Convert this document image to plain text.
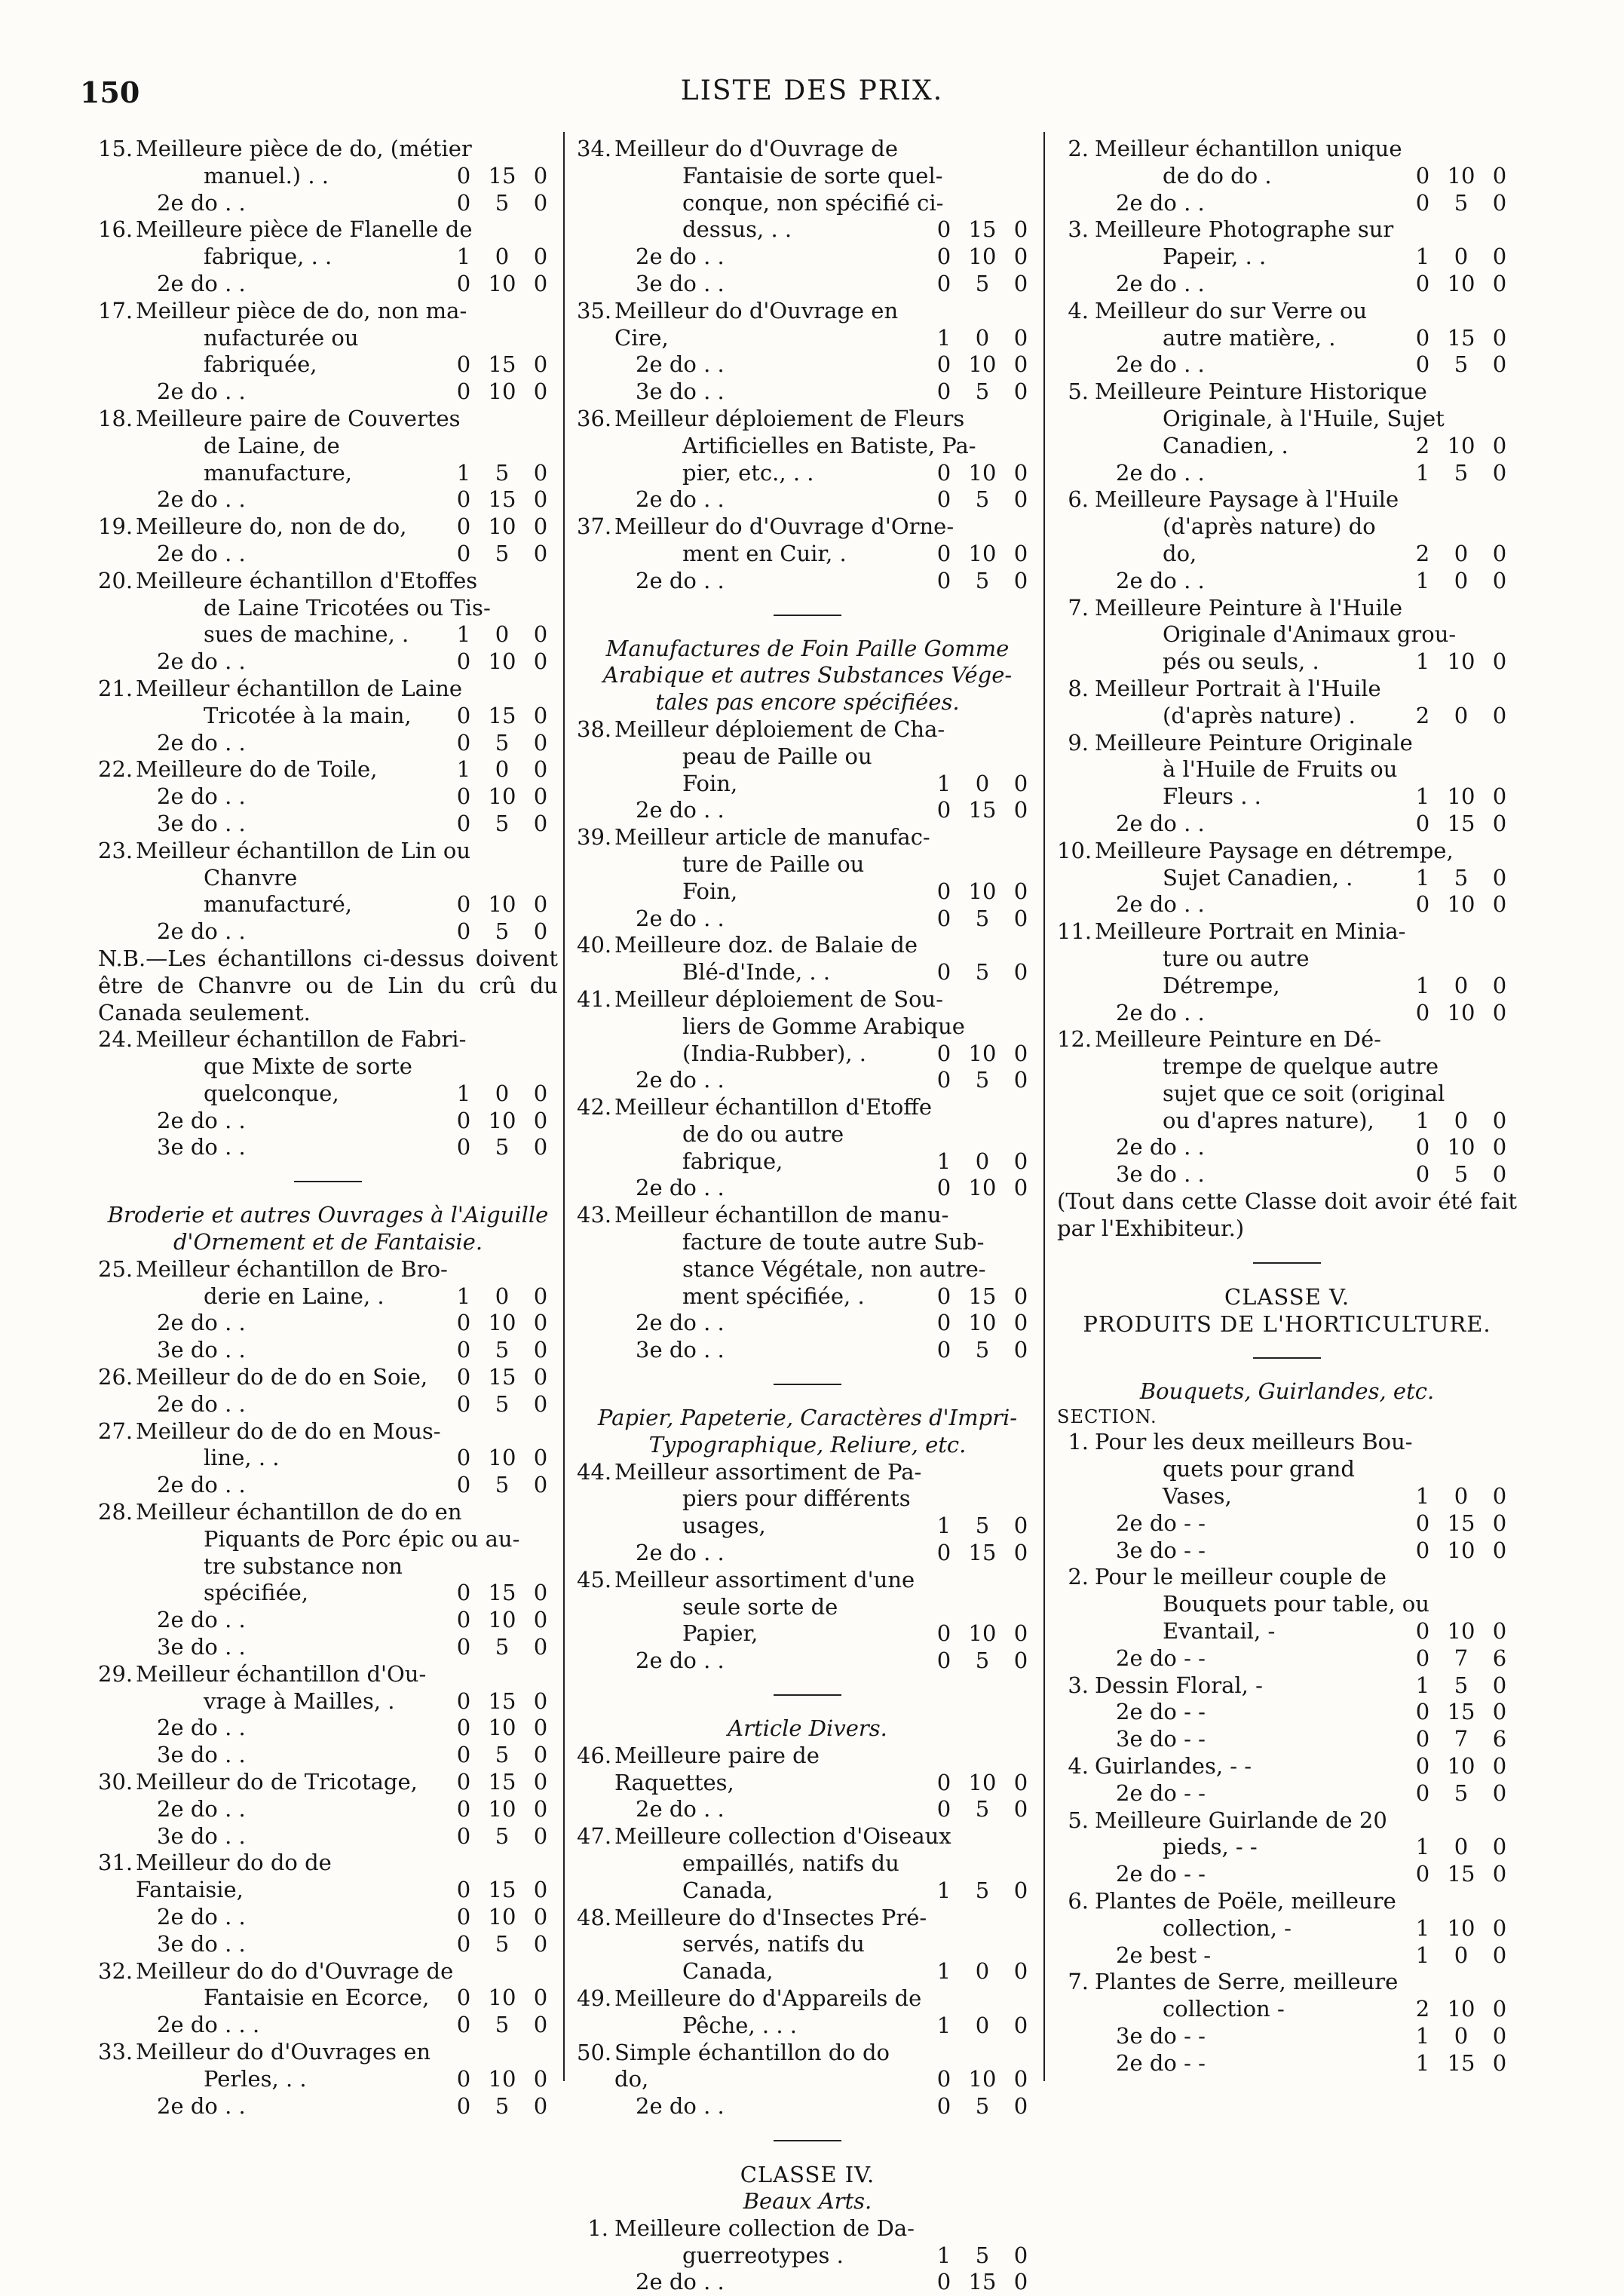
150	LISTE DES PRIX.
15. Meilleure pièce de do, (métier
manuel.) . .	0 15 0
2e do . .	0	5	0
16. Meilleure pièce de Flanelle de
fabrique, . .	1	0	0
2e do . .	0 10 0
17. Meilleur pièce de do, non ma-
nufacturée ou fabriquée,	0 15 0
2e do . .	0 10 0
18. Meilleure paire de Couvertes
de Laine, de manufacture,	1	5	0
2e do . .	0 15 0
19. Meilleure do, non de do,	0 10 0
2e do . .	0	5	0
20. Meilleure échantillon d'Etoffes
de Laine Tricotées ou Tis-
sues de machine, .	1	0	0
2e do . .	0 10 0
21. Meilleur échantillon de Laine
Tricotée à la main,	0 15 0
2e do . .	0	5	0
22. Meilleure do de Toile,	1	0	0
2e do . .	0 10 0
3e do . .	0	5	0
23. Meilleur échantillon de Lin ou
Chanvre manufacturé,	0 10 0
2e do . .	0	5	0
N.B.—Les échantillons ci-dessus doivent être de Chanvre ou de Lin du crû du Canada seulement.
24. Meilleur échantillon de Fabri-
que Mixte de sorte quelconque,	1	0	0
2e do . .	0 10 0
3e do . .	0	5	0
Broderie et autres Ouvrages à l'Aiguille
d'Ornement et de Fantaisie.
25. Meilleur échantillon de Bro-
derie en Laine, .	1	0	0
2e do . .	0 10 0
3e do . .	0	5	0
26. Meilleur do de do en Soie,	0 15 0
2e do . .	0	5	0
27. Meilleur do de do en Mous-
line, . .	0 10 0
2e do . .	0	5	0
28. Meilleur échantillon de do en
Piquants de Porc épic ou au-
tre substance non spécifiée,	0 15 0
2e do . .	0 10 0
3e do . .	0	5	0
29. Meilleur échantillon d'Ou-
vrage à Mailles, .	0 15 0
2e do . .	0 10 0
3e do . .	0	5	0
30. Meilleur do de Tricotage,	0 15 0
2e do . .	0 10 0
3e do . .	0	5	0
31. Meilleur do do de Fantaisie,	0 15 0
2e do . .	0 10 0
3e do . .	0	5	0
32. Meilleur do do d'Ouvrage de
Fantaisie en Ecorce,	0 10 0
2e do . . .	0	5	0
33. Meilleur do d'Ouvrages en
Perles, . .	0 10 0
2e do . .	0	5	0
34. Meilleur do d'Ouvrage de
Fantaisie de sorte quel-
conque, non spécifié ci-
dessus, . .	0 15 0
2e do . .	0 10 0
3e do . .	0	5	0
35. Meilleur do d'Ouvrage en Cire,	1	0	0
2e do . .	0 10 0
3e do . .	0	5	0
36. Meilleur déploiement de Fleurs
Artificielles en Batiste, Pa-
pier, etc., . .	0 10 0
2e do . .	0	5	0
37. Meilleur do d'Ouvrage d'Orne-
ment en Cuir, .	0 10 0
2e do . .	0	5	0
Manufactures de Foin Paille Gomme
Arabique et autres Substances Vége-
tales pas encore spécifiées.
38. Meilleur déploiement de Cha-
peau de Paille ou Foin,	1	0	0
2e do . .	0 15 0
39. Meilleur article de manufac-
ture de Paille ou Foin,	0 10 0
2e do . .	0	5	0
40. Meilleure doz. de Balaie de
Blé-d'Inde, . .	0	5	0
41. Meilleur déploiement de Sou-
liers de Gomme Arabique
(India-Rubber), .	0 10 0
2e do . .	0	5	0
42. Meilleur échantillon d'Etoffe
de do ou autre fabrique,	1	0	0
2e do . .	0 10 0
43. Meilleur échantillon de manu-
facture de toute autre Sub-
stance Végétale, non autre-
ment spécifiée, .	0 15 0
2e do . .	0 10 0
3e do . .	0	5	0
Papier, Papeterie, Caractères d'Impri-
Typographique, Reliure, etc.
44. Meilleur assortiment de Pa-
piers pour différents usages,	1	5	0
2e do . .	0 15 0
45. Meilleur assortiment d'une
seule sorte de Papier,	0 10 0
2e do . .	0	5	0
Article Divers.
46. Meilleure paire de Raquettes,	0 10 0
2e do . .	0	5	0
47. Meilleure collection d'Oiseaux
empaillés, natifs du Canada,	1	5	0
48. Meilleure do d'Insectes Pré-
servés, natifs du Canada,	1	0	0
49. Meilleure do d'Appareils de
Pêche, . . .	1	0	0
50. Simple échantillon do do do,	0 10 0
2e do . .	0	5	0
CLASSE IV.
Beaux Arts.
1. Meilleure collection de Da-
guerreotypes .	1	5	0
2e do . .	0 15 0
2. Meilleur échantillon unique
de do do .	0 10 0
2e do . .	0	5	0
3. Meilleure Photographe sur
Papeir, . .	1	0	0
2e do . .	0 10 0
4. Meilleur do sur Verre ou
autre matière, .	0 15 0
2e do . .	0	5	0
5. Meilleure Peinture Historique
Originale, à l'Huile, Sujet
Canadien, .	2 10 0
2e do . .	1	5	0
6. Meilleure Paysage à l'Huile
(d'après nature) do do,	2	0	0
2e do . .	1	0	0
7. Meilleure Peinture à l'Huile
Originale d'Animaux grou-
pés ou seuls, .	1 10 0
8. Meilleur Portrait à l'Huile
(d'après nature) .	2	0	0
9. Meilleure Peinture Originale
à l'Huile de Fruits ou
Fleurs . .	1 10 0
2e do . .	0 15 0
10. Meilleure Paysage en détrempe,
Sujet Canadien, .	1	5	0
2e do . .	0 10 0
11. Meilleure Portrait en Minia-
ture ou autre Détrempe,	1	0	0
2e do . .	0 10 0
12. Meilleure Peinture en Dé-
trempe de quelque autre
sujet que ce soit (original
ou d'apres nature),	1	0	0
2e do . .	0 10 0
3e do . .	0	5	0
(Tout dans cette Classe doit avoir été fait par l'Exhibiteur.)
CLASSE V.
PRODUITS DE L'HORTICULTURE.
Bouquets, Guirlandes, etc.
SECTION.
1. Pour les deux meilleurs Bou-
quets pour grand Vases,	1	0	0
2e do - -	0 15 0
3e do - -	0 10 0
2. Pour le meilleur couple de
Bouquets pour table, ou
Evantail, -	0 10 0
2e do - -	0	7	6
3. Dessin Floral, -	1	5	0
2e do - -	0 15 0
3e do - -	0	7	6
4. Guirlandes, - -	0 10 0
2e do - -	0	5	0
5. Meilleure Guirlande de 20
pieds, - -	1	0	0
2e do - -	0 15 0
6. Plantes de Poële, meilleure
collection, -	1 10 0
2e best -	1	0	0
7. Plantes de Serre, meilleure
collection -	2 10 0
3e do - -	1	0	0
2e do - -	1 15 0
